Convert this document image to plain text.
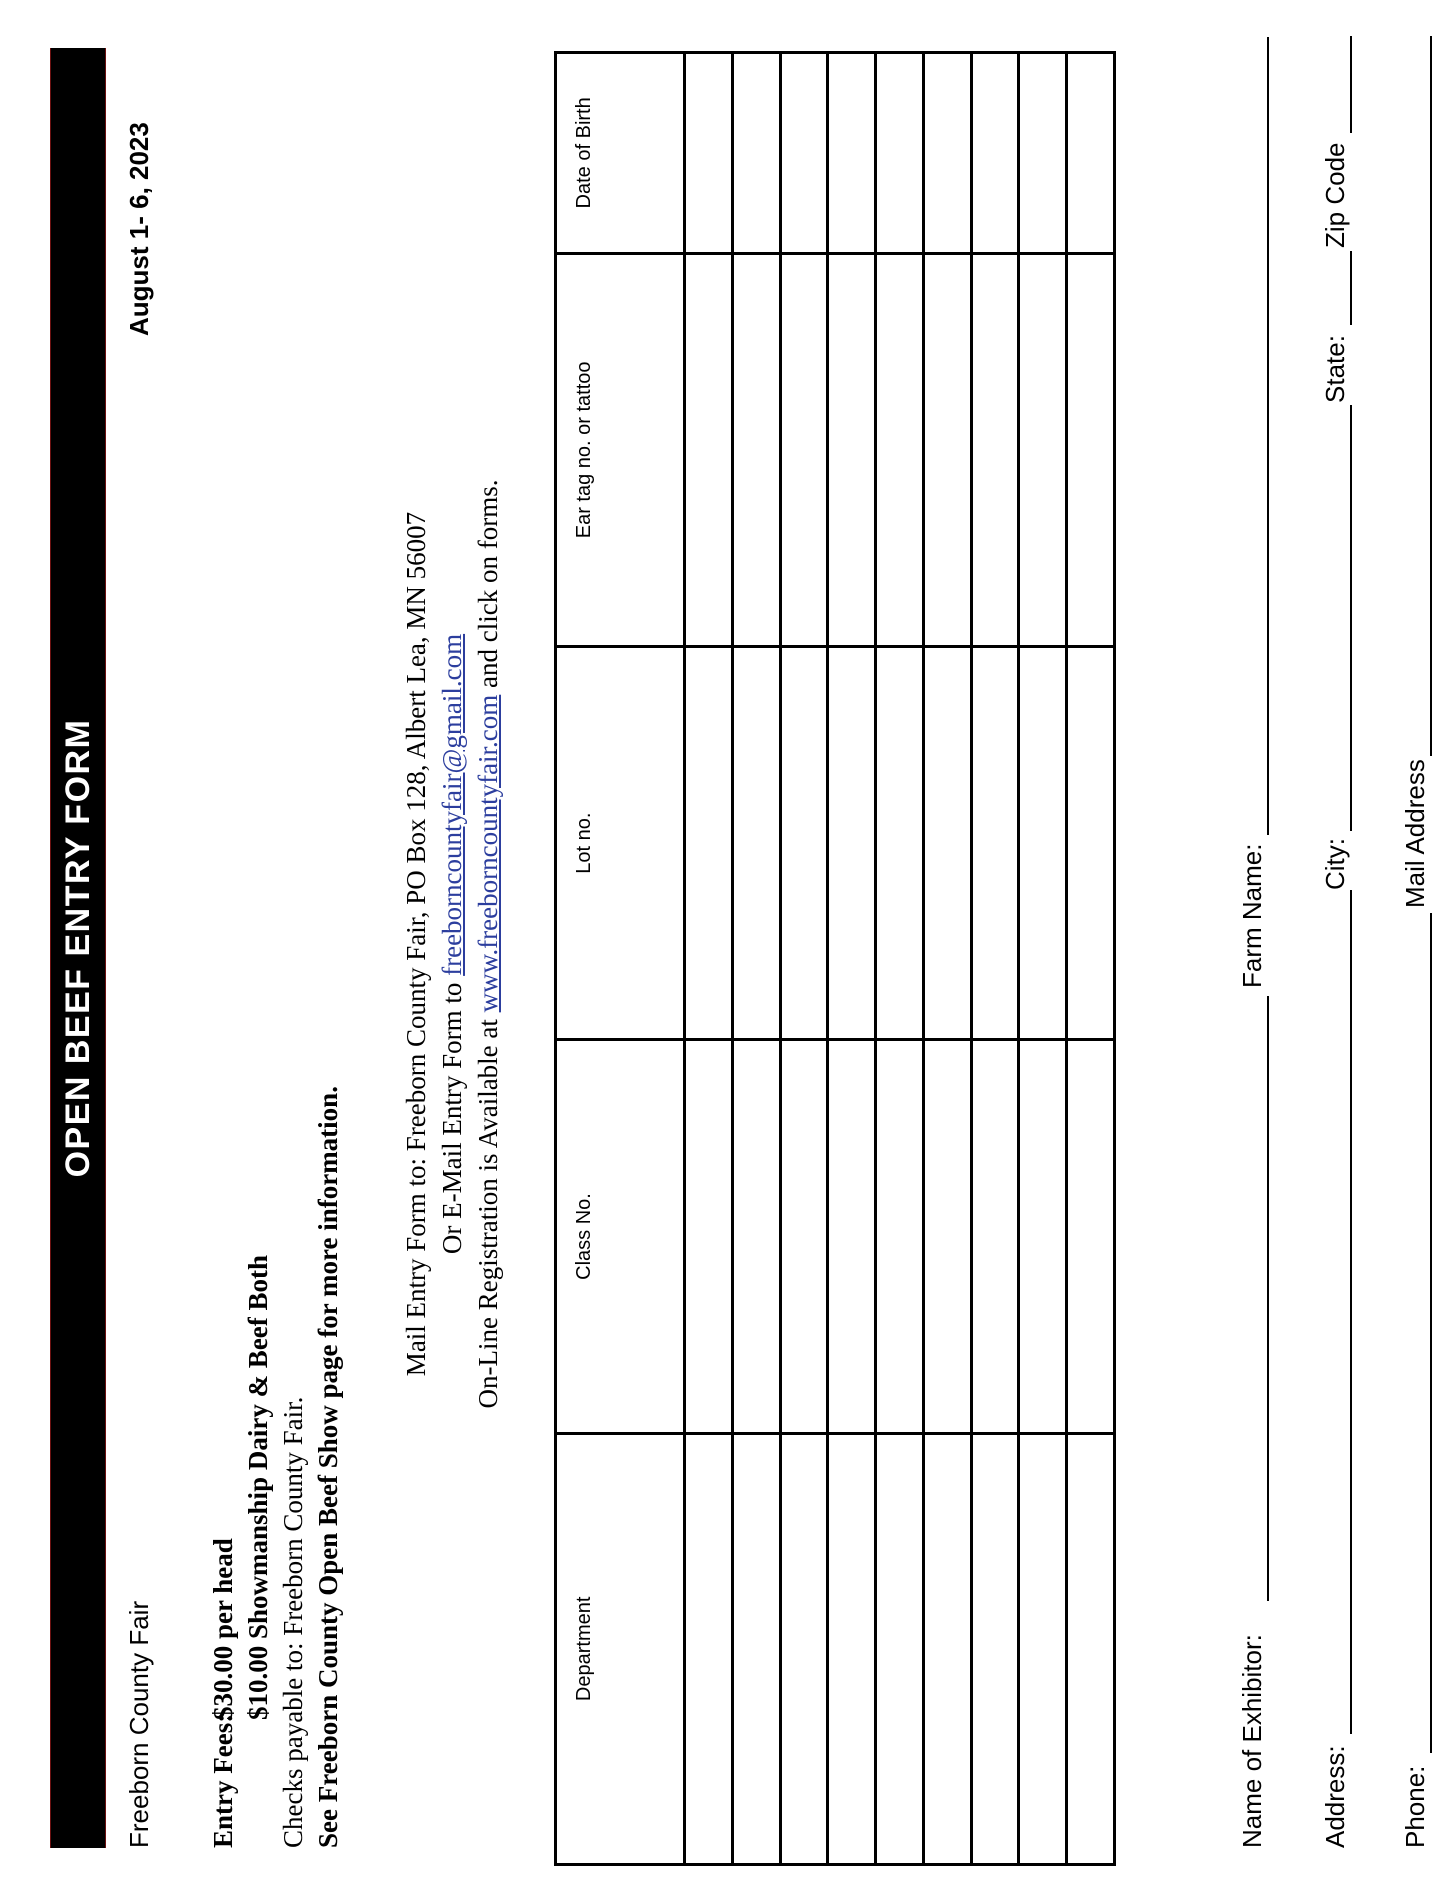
OPEN BEEF ENTRY FORM
Freeborn County Fair
August 1- 6, 2023
Entry Fees:
$30.00 per head $10.00 Showmanship Dairy & Beef Both Checks payable to: Freeborn County Fair. See Freeborn County Open Beef Show page for more information.
Mail Entry Form to: Freeborn County Fair, PO Box 128, Albert Lea, MN 56007 Or E-Mail Entry Form to freeborncountyfair@gmail.com
On-Line Registration is Available at www.freeborncountyfair.com and click on forms.
Department	Class No.	Lot no.	Ear tag no. or tattoo	Date of Birth

Name of Exhibitor:
Farm Name:
Address:
City:
State:
Zip Code
Phone:
Mail Address
